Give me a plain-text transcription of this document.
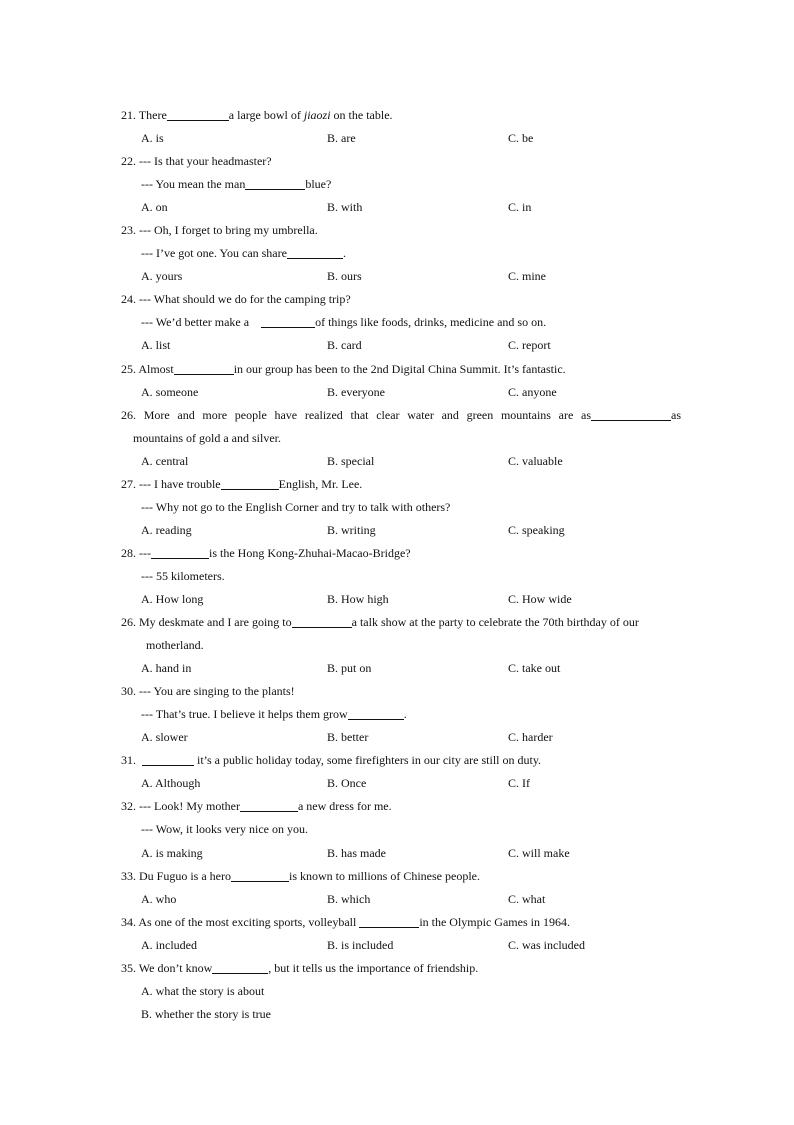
21. There	a large bowl of jiaozi on the table.
A. is	B. are	C. be
22. --- Is that your headmaster?
--- You mean the man	blue?
A. on	B. with	C. in
23. --- Oh, I forget to bring my umbrella.
--- I’ve got one. You can share	.
A. yours	B. ours	C. mine
24. --- What should we do for the camping trip?
--- We’d better make a	of things like foods, drinks, medicine and so on.
A. list	B. card	C. report
25. Almost	in our group has been to the 2nd Digital China Summit. It’s fantastic.
A. someone	B. everyone	C. anyone
26. More and more people have realized that clear water and green mountains are as	as
mountains of gold a and silver.
A. central	B. special	C. valuable
27. --- I have trouble	English, Mr. Lee.
--- Why not go to the English Corner and try to talk with others?
A. reading	B. writing	C. speaking
28. ---	is the Hong Kong-Zhuhai-Macao-Bridge?
--- 55 kilometers.
A. How long	B. How high	C. How wide
26. My deskmate and I are going to	a talk show at the party to celebrate the 70th birthday of our
motherland.
A. hand in	B. put on	C. take out
30. --- You are singing to the plants!
--- That’s true. I believe it helps them grow	.
A. slower	B. better	C. harder
31.	it’s a public holiday today, some firefighters in our city are still on duty.
A. Although	B. Once	C. If
32. --- Look! My mother	a new dress for me.
--- Wow, it looks very nice on you.
A. is making	B. has made	C. will make
33. Du Fuguo is a hero	is known to millions of Chinese people.
A. who	B. which	C. what
34. As one of the most exciting sports, volleyball	in the Olympic Games in 1964.
A. included	B. is included	C. was included
35. We don’t know	, but it tells us the importance of friendship.
A. what the story is about
B. whether the story is true
